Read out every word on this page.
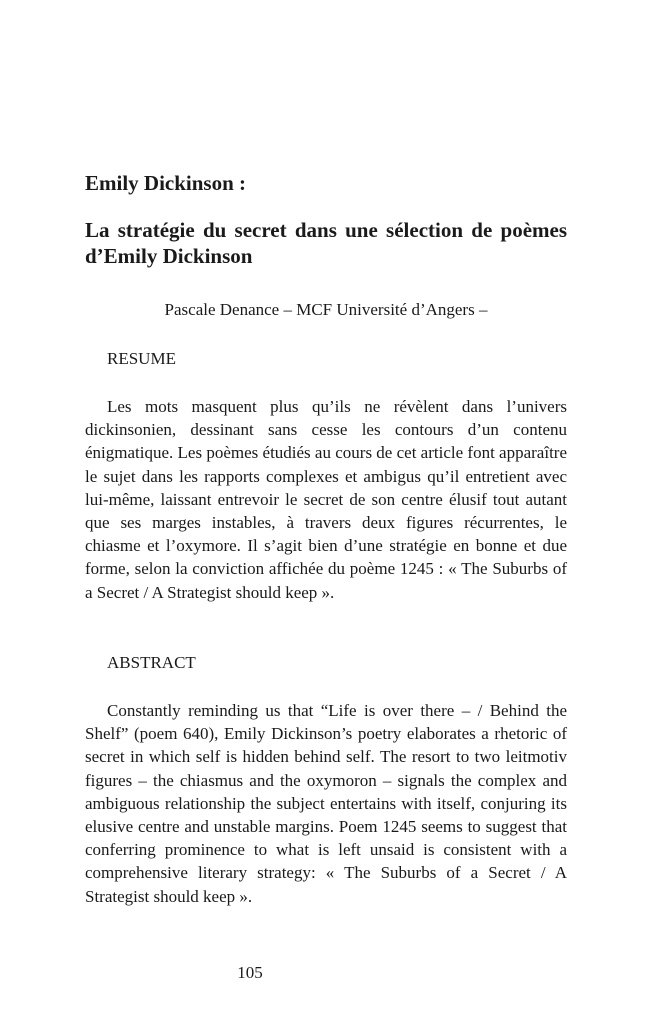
Emily Dickinson :
La stratégie du secret dans une sélection de poèmes d’Emily Dickinson

Pascale Denance – MCF Université d’Angers –

RESUME

Les mots masquent plus qu’ils ne révèlent dans l’univers dickinsonien, dessinant sans cesse les contours d’un contenu énigmatique. Les poèmes étudiés au cours de cet article font apparaître le sujet dans les rapports complexes et ambigus qu’il entretient avec lui-même, laissant entrevoir le secret de son centre élusif tout autant que ses marges instables, à travers deux figures récurrentes, le chiasme et l’oxymore. Il s’agit bien d’une stratégie en bonne et due forme, selon la conviction affichée du poème 1245 : « The Suburbs of a Secret / A Strategist should keep ».

ABSTRACT

Constantly reminding us that “Life is over there – / Behind the Shelf” (poem 640), Emily Dickinson’s poetry elaborates a rhetoric of secret in which self is hidden behind self. The resort to two leitmotiv figures – the chiasmus and the oxymoron – signals the complex and ambiguous relationship the subject entertains with itself, conjuring its elusive centre and unstable margins. Poem 1245 seems to suggest that conferring prominence to what is left unsaid is consistent with a comprehensive literary strategy: « The Suburbs of a Secret / A Strategist should keep ».

105
